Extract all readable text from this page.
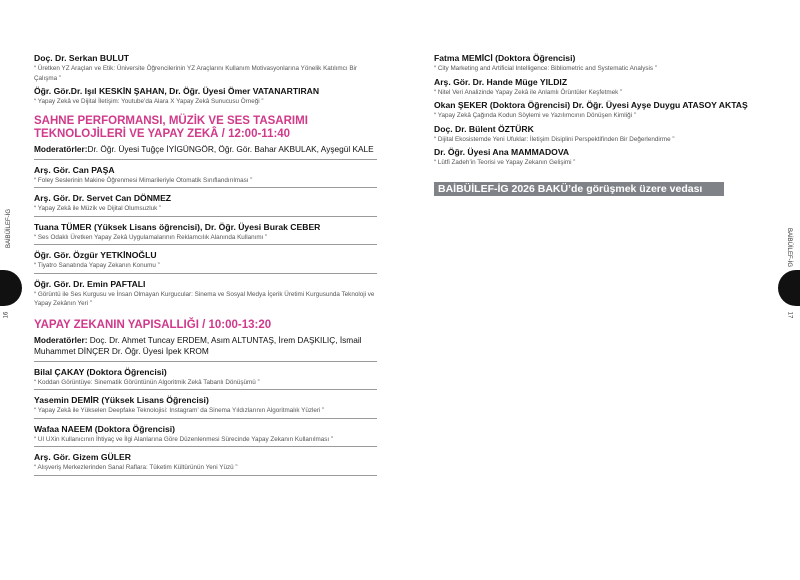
Doç. Dr. Serkan BULUT
“ Üretken YZ Araçları ve Etik: Üniversite Öğrencilerinin YZ Araçlarını Kullanım Motivasyonlarına Yönelik Katılımcı Bir Çalışma ”
Öğr. Gör.Dr. Işıl KESKİN ŞAHAN, Dr. Öğr. Üyesi Ömer VATANARTIRAN
“ Yapay Zekâ ve Dijital İletişim: Youtube’da Alara X Yapay Zekâ Sunucusu Örneği ”
SAHNE PERFORMANSI, MÜZİK VE SES TASARIMI TEKNOLOJİLERİ VE YAPAY ZEKÂ / 12:00-11:40
Moderatörler:Dr. Öğr. Üyesi Tuğçe İYİGÜNGÖR, Öğr. Gör. Bahar AKBULAK, Ayşegül KALE
Arş. Gör. Can PAŞA
“ Foley Seslerinin Makine Öğrenmesi Mimarileriyle Otomatik Sınıflandırılması ”
Arş. Gör. Dr. Servet Can DÖNMEZ
“ Yapay Zekâ ile Müzik ve Dijital Olumsuzluk ”
Tuana TÜMER (Yüksek Lisans öğrencisi), Dr. Öğr. Üyesi Burak CEBER
“ Ses Odaklı Üretken Yapay Zekâ Uygulamalarının Reklamcılık Alanında Kullanımı ”
Öğr. Gör. Özgür YETKİNOĞLU
“ Tiyatro Sanatında Yapay Zekanın Konumu ”
Öğr. Gör. Dr. Emin PAFTALI
“ Görüntü ile Ses Kurgusu ve İnsan Olmayan Kurgucular: Sinema ve Sosyal Medya İçerik Üretimi Kurgusunda Teknoloji ve Yapay Zekânın Yeri ”
YAPAY ZEKANIN YAPISALLIĞI / 10:00-13:20
Moderatörler: Doç. Dr. Ahmet Tuncay ERDEM, Asım ALTUNTAŞ, İrem DAŞKILIÇ, İsmail Muhammet DİNÇER Dr. Öğr. Üyesi İpek KROM
Bilal ÇAKAY (Doktora Öğrencisi)
“ Koddan Görüntüye: Sinematik Görüntünün Algoritmik Zekâ Tabanlı Dönüşümü ”
Yasemin DEMİR (Yüksek Lisans Öğrencisi)
“ Yapay Zekâ ile Yükselen Deepfake Teknolojisi: Instagram’ da Sinema Yıldızlarının Algoritmalık Yüzleri ”
Wafaa NAEEM (Doktora Öğrencisi)
“ UI UXin Kullanıcının İhtiyaç ve İlgi Alanlarına Göre Düzenlenmesi Sürecinde Yapay Zekanın Kullanılması ”
Arş. Gör. Gizem GÜLER
“ Alışveriş Merkezlerinden Sanal Raflara: Tüketim Kültürünün Yeni Yüzü ”
Fatma MEMİCİ (Doktora Öğrencisi)
“ City Marketing and Artificial Intelligence: Bibliometric and Systematic Analysis ”
Arş. Gör. Dr. Hande Müge YILDIZ
“ Nitel Veri Analizinde Yapay Zekâ ile Anlamlı Örüntüler Keşfetmek ”
Okan ŞEKER (Doktora Öğrencisi) Dr. Öğr. Üyesi Ayşe Duygu ATASOY AKTAŞ
“ Yapay Zekâ Çağında Kodun Söylemi ve Yazılımcının Dönüşen Kimliği ”
Doç. Dr. Bülent ÖZTÜRK
“ Dijital Ekosistemde Yeni Ufuklar: İletişim Disiplini Perspektifinden Bir Değerlendirme ”
Dr. Öğr. Üyesi Ana MAMMADOVA
“ Lütfi Zadeh’in Teorisi ve Yapay Zekanın Gelişimi ”
BAİBÜİLEF-İG 2026 BAKÜ’de görüşmek üzere vedası
BAİBÜİLEF-İG	BAİBÜİLEF-İG
16	17
